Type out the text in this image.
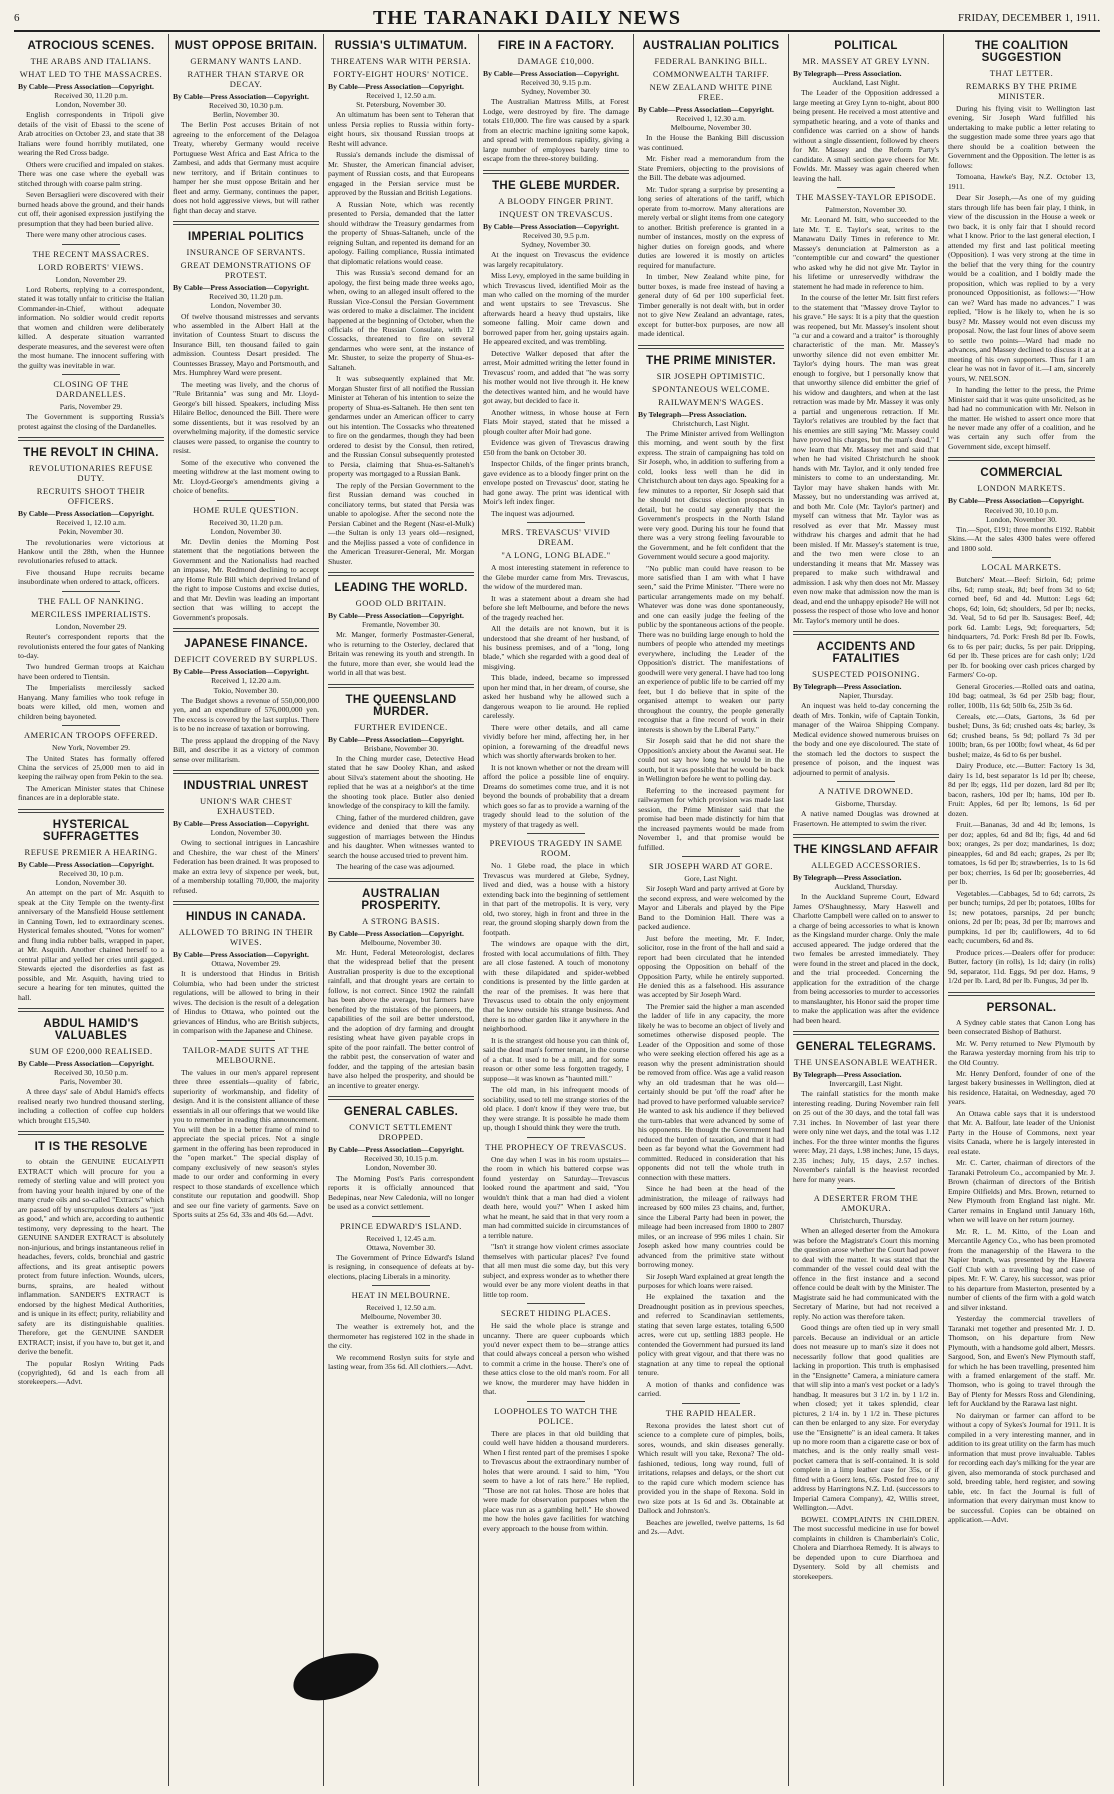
6	THE TARANAKI DAILY NEWS	FRIDAY, DECEMBER 1, 1911.
ATROCIOUS SCENES.
THE ARABS AND ITALIANS.
WHAT LED TO THE MASSACRES.
By Cable—Press Association—Copyright.
Received 30, 11.20 p.m.
London, November 30.

English correspondents in Tripoli give details of the visit of Ebassi to the scene of Arab atrocities on October 23, and state that 38 Italians were found horribly mutilated, one wearing the Red Cross badge.

Others were crucified and impaled on stakes. There was one case where the eyeball was stitched through with coarse palm string.

Seven Bersaglieri were discovered with their burned heads above the ground, and their hands cut off, their agonised expression justifying the presumption that they had been buried alive.

There were many other atrocious cases.

THE RECENT MASSACRES.
LORD ROBERTS' VIEWS.
London, November 29.

Lord Roberts, replying to a correspondent, stated it was totally unfair to criticise the Italian Commander-in-Chief, without adequate information. No soldier would credit reports that women and children were deliberately killed. A desperate situation warranted desperate measures, and the severest were often the most humane. The innocent suffering with the guilty was inevitable in war.

CLOSING OF THE DARDANELLES.
Paris, November 29.

The Government is supporting Russia's protest against the closing of the Dardanelles.

THE REVOLT IN CHINA.
REVOLUTIONARIES REFUSE DUTY.
RECRUITS SHOOT THEIR OFFICERS.
By Cable—Press Association—Copyright.
Received 1, 12.10 a.m.
Pekin, November 30.

The revolutionaries were victorious at Hankow until the 28th, when the Hunnee revolutionaries refused to attack.

Five thousand Hupe recruits became insubordinate when ordered to attack, officers.

THE FALL OF NANKING.
MERCILESS IMPERIALISTS.
London, November 29.

Reuter's correspondent reports that the revolutionists entered the four gates of Nanking to-day.

Two hundred German troops at Kaichau have been ordered to Tientsin.

The Imperialists mercilessly sacked Hanyang. Many families who took refuge in boats were killed, old men, women and children being bayoneted.

AMERICAN TROOPS OFFERED.
New York, November 29.

The United States has formally offered China the services of 25,000 men to aid in keeping the railway open from Pekin to the sea.

The American Minister states that Chinese finances are in a deplorable state.

HYSTERICAL SUFFRAGETTES
REFUSE PREMIER A HEARING.
By Cable—Press Association—Copyright.
Received 30, 10 p.m.
London, November 30.

An attempt on the part of Mr. Asquith to speak at the City Temple on the twenty-first anniversary of the Mansfield House settlement in Canning Town, led to extraordinary scenes. Hysterical females shouted, "Votes for women" and flung india rubber balls, wrapped in paper, at Mr. Asquith. Another chained herself to a central pillar and yelled her cries until gagged. Stewards ejected the disorderlies as fast as possible, and Mr. Asquith, having tried to secure a hearing for ten minutes, quitted the hall.

ABDUL HAMID'S VALUABLES
SUM OF £200,000 REALISED.
By Cable—Press Association—Copyright.
Received 30, 10.50 p.m.
Paris, November 30.

A three days' sale of Abdul Hamid's effects realised nearly two hundred thousand sterling, including a collection of coffee cup holders which brought £15,340.

IT IS THE RESOLVE

to obtain the GENUINE EUCALYPTI EXTRACT which will procure for you a remedy of sterling value and will protect you from having your health injured by one of the many crude oils and so-called "Extracts" which are passed off by unscrupulous dealers as "just as good," and which are, according to authentic testimony, very depressing to the heart. The GENUINE SANDER EXTRACT is absolutely non-injurious, and brings instantaneous relief in headaches, fevers, colds, bronchial and gastric affections, and its great antiseptic powers protect from future infection. Wounds, ulcers, burns, sprains, are healed without inflammation. SANDER'S EXTRACT is endorsed by the highest Medical Authorities, and is unique in its effect; purity, reliability and safety are its distinguishable qualities. Therefore, get the GENUINE SANDER EXTRACT; insist, if you have to, but get it, and derive the benefit.

The popular Roslyn Writing Pads (copyrighted), 6d and 1s each from all storekeepers.—Advt.

MUST OPPOSE BRITAIN.
GERMANY WANTS LAND.
RATHER THAN STARVE OR DECAY.
By Cable—Press Association—Copyright.
Received 30, 10.30 p.m.
Berlin, November 30.

The Berlin Post accuses Britain of not agreeing to the enforcement of the Delagoa Treaty, whereby Germany would receive Portuguese West Africa and East Africa to the Zambesi, and adds that Germany must acquire new territory, and if Britain continues to hamper her she must oppose Britain and her fleet and army. Germany, continues the paper, does not hold aggressive views, but will rather fight than decay and starve.

IMPERIAL POLITICS
INSURANCE OF SERVANTS.
GREAT DEMONSTRATIONS OF PROTEST.
By Cable—Press Association—Copyright.
Received 30, 11.20 p.m.
London, November 30.

Of twelve thousand mistresses and servants who assembled in the Albert Hall at the invitation of Countess Stuart to discuss the Insurance Bill, ten thousand failed to gain admission. Countess Desart presided. The Countesses Brassey, Mayo and Portsmouth, and Mrs. Humphrey Ward were present.

The meeting was lively, and the chorus of "Rule Britannia" was sung and Mr. Lloyd-George's bill hissed. Speakers, including Miss Hilaire Belloc, denounced the Bill. There were some dissentients, but it was resolved by an overwhelming majority, if the domestic service clauses were passed, to organise the country to resist.

Some of the executive who convened the meeting withdrew at the last moment owing to Mr. Lloyd-George's amendments giving a choice of benefits.

HOME RULE QUESTION.
Received 30, 11.20 p.m.
London, November 30.

Mr. Devlin denies the Morning Post statement that the negotiations between the Government and the Nationalists had reached an impasse, Mr. Redmond declining to accept any Home Rule Bill which deprived Ireland of the right to impose Customs and excise duties, and that Mr. Devlin was leading an important section that was willing to accept the Government's proposals.

JAPANESE FINANCE.
DEFICIT COVERED BY SURPLUS.
By Cable—Press Association—Copyright.
Received 1, 12.20 a.m.
Tokio, November 30.

The Budget shows a revenue of 550,000,000 yen, and an expenditure of 576,000,000 yen. The excess is covered by the last surplus. There is to be no increase of taxation or borrowing.

The press applaud the dropping of the Navy Bill, and describe it as a victory of common sense over militarism.

INDUSTRIAL UNREST
UNION'S WAR CHEST EXHAUSTED.
By Cable—Press Association—Copyright.
London, November 30.

Owing to sectional intrigues in Lancashire and Cheshire, the war chest of the Miners' Federation has been drained. It was proposed to make an extra levy of sixpence per week, but, of a membership totalling 70,000, the majority refused.

HINDUS IN CANADA.
ALLOWED TO BRING IN THEIR WIVES.
By Cable—Press Association—Copyright.
Ottawa, November 29.

It is understood that Hindus in British Columbia, who had been under the strictest regulations, will be allowed to bring in their wives. The decision is the result of a delegation of Hindus to Ottawa, who pointed out the grievances of Hindus, who are British subjects, in comparison with the Japanese and Chinese.

TAILOR-MADE SUITS AT THE MELBOURNE.

The values in our men's apparel represent three three essentials—quality of fabric, superiority of workmanship, and fidelity of design. And it is the consistent alliance of these essentials in all our offerings that we would like you to remember in reading this announcement. You will then be in a better frame of mind to appreciate the special prices. Not a single garment in the offering has been reproduced in the "open market." The special display of company exclusively of new season's styles made to our order and conforming in every respect to those standards of excellence which constitute our reputation and goodwill. Shop and see our fine variety of garments. Save on Sports suits at 25s 6d, 33s and 40s 6d.—Advt.

RUSSIA'S ULTIMATUM.
THREATENS WAR WITH PERSIA.
FORTY-EIGHT HOURS' NOTICE.
By Cable—Press Association—Copyright.
Received 1, 12.50 a.m.
St. Petersburg, November 30.

An ultimatum has been sent to Teheran that unless Persia replies to Russia within forty-eight hours, six thousand Russian troops at Resht will advance.

Russia's demands include the dismissal of Mr. Shuster, the American financial adviser, payment of Russian costs, and that Europeans engaged in the Persian service must be approved by the Russian and British Legations.

A Russian Note, which was recently presented to Persia, demanded that the latter should withdraw the Treasury gendarmes from the property of Shuas-Saltaneh, uncle of the reigning Sultan, and repented its demand for an apology. Failing compliance, Russia intimated that diplomatic relations would cease.

This was Russia's second demand for an apology, the first being made three weeks ago, when, owing to an alleged insult offered to the Russian Vice-Consul the Persian Government was ordered to make a disclaimer. The incident happened at the beginning of October, when the officials of the Russian Consulate, with 12 Cossacks, threatened to fire on several gendarmes who were sent, at the instance of Mr. Shuster, to seize the property of Shua-es-Saltaneh.

It was subsequently explained that Mr. Morgan Shuster first of all notified the Russian Minister at Teheran of his intention to seize the property of Shua-es-Saltaneh. He then sent ten gendarmes under an American officer to carry out his intention. The Cossacks who threatened to fire on the gendarmes, though they had been ordered to desist by the Consul, then retired, and the Russian Consul subsequently protested to Persia, claiming that Shua-es-Saltaneh's property was mortgaged to a Russian Bank.

The reply of the Persian Government to the first Russian demand was couched in conciliatory terms, but stated that Persia was unable to apologise. After the second note the Persian Cabinet and the Regent (Nasr-el-Mulk)—the Sultan is only 13 years old—resigned, and the Mejliss passed a vote of confidence in the American Treasurer-General, Mr. Morgan Shuster.

LEADING THE WORLD.
GOOD OLD BRITAIN.
By Cable—Press Association—Copyright.
Fremantle, November 30.

Mr. Manger, formerly Postmaster-General, who is returning to the Osterley, declared that Britain was renewing its youth and strength. In the future, more than ever, she would lead the world in all that was best.

THE QUEENSLAND MURDER.
FURTHER EVIDENCE.
By Cable—Press Association—Copyright.
Brisbane, November 30.

In the Ching murder case, Detective Head stated that he saw Dooley Khan, and asked about Silva's statement about the shooting. He replied that he was at a neighbor's at the time the shooting took place. Butler also denied knowledge of the conspiracy to kill the family.

Ching, father of the murdered children, gave evidence and denied that there was any suggestion of marriages between the Hindus and his daughter. When witnesses wanted to search the house accused tried to prevent him.

The hearing of the case was adjourned.

AUSTRALIAN PROSPERITY.
A STRONG BASIS.
By Cable—Press Association—Copyright.
Melbourne, November 30.

Mr. Hunt, Federal Meteorologist, declares that the widespread belief that the present Australian prosperity is due to the exceptional rainfall, and that drought years are certain to follow, is not correct. Since 1902 the rainfall has been above the average, but farmers have benefited by the mistakes of the pioneers, the capabilities of the soil are better understood, and the adoption of dry farming and drought resisting wheat have given payable crops in spite of the poor rainfall. The better control of the rabbit pest, the conservation of water and fodder, and the tapping of the artesian basin have also helped the prosperity, and should be an incentive to greater energy.

GENERAL CABLES.
CONVICT SETTLEMENT DROPPED.
By Cable—Press Association—Copyright.
Received 30, 10.15 p.m.
London, November 30.

The Morning Post's Paris correspondent reports it is officially announced that Bedepinas, near New Caledonia, will no longer be used as a convict settlement.

PRINCE EDWARD'S ISLAND.
Received 1, 12.45 a.m.
Ottawa, November 30.

The Government of Prince Edward's Island is resigning, in consequence of defeats at by-elections, placing Liberals in a minority.

HEAT IN MELBOURNE.
Received 1, 12.50 a.m.
Melbourne, November 30.

The weather is extremely hot, and the thermometer has registered 102 in the shade in the city.

We recommend Roslyn suits for style and lasting wear, from 35s 6d. All clothiers.—Advt.

FIRE IN A FACTORY.
DAMAGE £10,000.
By Cable—Press Association—Copyright.
Received 30, 9.15 p.m.
Sydney, November 30.

The Australian Mattress Mills, at Forest Lodge, were destroyed by fire. The damage totals £10,000. The fire was caused by a spark from an electric machine igniting some kapok, and spread with tremendous rapidity, giving a large number of employees barely time to escape from the three-storey building.

THE GLEBE MURDER.
A BLOODY FINGER PRINT.
INQUEST ON TREVASCUS.
By Cable—Press Association—Copyright.
Received 30, 9.5 p.m.
Sydney, November 30.

At the inquest on Trevascus the evidence was largely recapitulatory.

Miss Levy, employed in the same building in which Trevascus lived, identified Moir as the man who called on the morning of the murder and went upstairs to see Trevascus. She afterwards heard a heavy thud upstairs, like someone falling. Moir came down and borrowed paper from her, going upstairs again. He appeared excited, and was trembling.

Detective Walker deposed that after the arrest, Moir admitted writing the letter found in Trevascus' room, and added that "he was sorry his mother would not live through it. He knew the detectives wanted him, and he would have got away, but decided to face it.

Another witness, in whose house at Fern Flats Moir stayed, stated that he missed a plough coulter after Moir had gone.

Evidence was given of Trevascus drawing £50 from the bank on October 30.

Inspector Childs, of the finger prints branch, gave evidence as to a bloody finger print on the envelope posted on Trevascus' door, stating he had gone away. The print was identical with Moir's left index finger.

The inquest was adjourned.

MRS. TREVASCUS' VIVID DREAM.
"A LONG, LONG BLADE."

A most interesting statement in reference to the Glebe murder came from Mrs. Trevascus, the widow of the murdered man.

It was a statement about a dream she had before she left Melbourne, and before the news of the tragedy reached her.

All the details are not known, but it is understood that she dreamt of her husband, of his business premises, and of a "long, long blade," which she regarded with a good deal of misgiving.

This blade, indeed, became so impressed upon her mind that, in her dream, of course, she asked her husband why he allowed such a dangerous weapon to lie around. He replied carelessly.

There were other details, and all came vividly before her mind, affecting her, in her opinion, a forewarning of the dreadful news which was shortly afterwards broken to her.

It is not known whether or not the dream will afford the police a possible line of enquiry. Dreams do sometimes come true, and it is not beyond the bounds of probability that a dream which goes so far as to provide a warning of the tragedy should lead to the solution of the mystery of that tragedy as well.

PREVIOUS TRAGEDY IN SAME ROOM.

No. 1 Glebe road, the place in which Trevascus was murdered at Glebe, Sydney, lived and died, was a house with a history extending back into the beginning of settlement in that part of the metropolis. It is very, very old, two storey, high in front and three in the rear, the ground sloping sharply down from the footpath.

The windows are opaque with the dirt, frosted with local accumulations of filth. They are all close fastened. A touch of monotony with these dilapidated and spider-webbed conditions is presented by the little garden at the rear of the premises. It was here that Trevascus used to obtain the only enjoyment that he knew outside his strange business. And there is no other garden like it anywhere in the neighborhood.

It is the strangest old house you can think of, said the dead man's former tenant, in the course of a chat. It used to be a mill, and for some reason or other some less forgotten tragedy, I suppose—it was known as "haunted mill."

The old man, in his infrequent moods of sociability, used to tell me strange stories of the old place. I don't know if they were true, but they were strange. It is possible he made them up, though I should think they were the truth.

THE PROPHECY OF TREVASCUS.

One day when I was in his room upstairs—the room in which his battered corpse was found yesterday on Saturday—Trevascus looked round the apartment and said, "You wouldn't think that a man had died a violent death here, would you?" When I asked him what he meant, he said that in that very room a man had committed suicide in circumstances of a terrible nature.

"Isn't it strange how violent crimes associate themselves with particular places? I've found that all men must die some day, but this very subject, and express wonder as to whether there would ever be any more violent deaths in that little top room.

SECRET HIDING PLACES.

He said the whole place is strange and uncanny. There are queer cupboards which you'd never expect them to be—strange attics that could always conceal a person who wished to commit a crime in the house. There's one of these attics close to the old man's room. For all we know, the murderer may have hidden in that.

LOOPHOLES TO WATCH THE POLICE.

There are places in that old building that could well have hidden a thousand murderers. When I first rented part of the premises I spoke to Trevascus about the extraordinary number of holes that were around. I said to him, "You seem to have a lot of rats here." He replied, "Those are not rat holes. Those are holes that were made for observation purposes when the place was run as a gambling hell." He showed me how the holes gave facilities for watching every approach to the house from within.

AUSTRALIAN POLITICS
FEDERAL BANKING BILL.
COMMONWEALTH TARIFF.
NEW ZEALAND WHITE PINE FREE.
By Cable—Press Association—Copyright.
Received 1, 12.30 a.m.
Melbourne, November 30.

In the House the Banking Bill discussion was continued.

Mr. Fisher read a memorandum from the State Premiers, objecting to the provisions of the Bill. The debate was adjourned.

Mr. Tudor sprang a surprise by presenting a long series of alterations of the tariff, which operate from to-morrow. Many alterations are merely verbal or slight items from one category to another. British preference is granted in a number of instances, mostly on the express of higher duties on foreign goods, and where duties are lowered it is mostly on articles required for manufacture.

In timber, New Zealand white pine, for butter boxes, is made free instead of having a general duty of 6d per 100 superficial feet. Timber generally is not dealt with, but in order not to give New Zealand an advantage, rates, except for butter-box purposes, are now all made identical.

THE PRIME MINISTER.
SIR JOSEPH OPTIMISTIC.
SPONTANEOUS WELCOME.
RAILWAYMEN'S WAGES.
By Telegraph—Press Association.
Christchurch, Last Night.

The Prime Minister arrived from Wellington this morning, and went south by the first express. The strain of campaigning has told on Sir Joseph, who, in addition to suffering from a cold, looks less well than he did in Christchurch about ten days ago. Speaking for a few minutes to a reporter, Sir Joseph said that he should not discuss election prospects in detail, but he could say generally that the Government's prospects in the North Island were very good. During his tour he found that there was a very strong feeling favourable to the Government, and he felt confident that the Government would secure a good majority.

"No public man could have reason to be more satisfied than I am with what I have seen," said the Prime Minister. "There were no particular arrangements made on my behalf. Whatever was done was done spontaneously, and one can easily judge the feeling of the public by the spontaneous actions of the people. There was no building large enough to hold the numbers of people who attended my meetings everywhere, including the Leader of the Opposition's district. The manifestations of goodwill were very general. I have had too long an experience of public life to be carried off my feet, but I do believe that in spite of the organised attempt to weaken our party throughout the country, the people generally recognise that a fine record of work in their interests is shown by the Liberal Party."

Sir Joseph said that he did not share the Opposition's anxiety about the Awanui seat. He could not say how long he would be in the south, but it was possible that he would be back in Wellington before he went to polling day.

Referring to the increased payment for railwaymen for which provision was made last session, the Prime Minister said that the promise had been made distinctly for him that the increased payments would be made from November 1, and that promise would be fulfilled.

SIR JOSEPH WARD AT GORE.
Gore, Last Night.

Sir Joseph Ward and party arrived at Gore by the second express, and were welcomed by the Mayor and Liberals and played by the Pipe Band to the Dominion Hall. There was a packed audience.

Just before the meeting, Mr. F. Inder, solicitor, rose in the front of the hall and said a report had been circulated that he intended opposing the Opposition on behalf of the Opposition Party, while he entirely supported. He denied this as a falsehood. His assurance was accepted by Sir Joseph Ward.

The Premier said the higher a man ascended the ladder of life in any capacity, the more likely he was to become an object of lively and sometimes otherwise disposed people. The Leader of the Opposition and some of those who were seeking election offered his age as a reason why the present administration should be removed from office. Was age a valid reason why an old tradesman that he was old—certainly should be put 'off the road' after he had proved to have performed valuable service? He wanted to ask his audience if they believed the turn-tables that were advanced by some of his opponents. He thought the Government had reduced the burden of taxation, and that it had been as far beyond what the Government had committed. Reduced in consideration that his opponents did not tell the whole truth in connection with these matters.

Since he had been at the head of the administration, the mileage of railways had increased by 600 miles 23 chains, and, further, since the Liberal Party had been in power, the mileage had been increased from 1800 to 2807 miles, or an increase of 996 miles 1 chain. Sir Joseph asked how many countries could be advanced from the primitive state without borrowing money.

Sir Joseph Ward explained at great length the purposes for which loans were raised.

He explained the taxation and the Dreadnought position as in previous speeches, and referred to Scandinavian settlements, stating that seven large estates, totaling 6,500 acres, were cut up, settling 1883 people. He contended the Government had pursued its land policy with great vigour, and that there was no stagnation at any time to repeal the optional tenure.

A motion of thanks and confidence was carried.

THE RAPID HEALER.

Rexona provides the latest short cut of science to a complete cure of pimples, boils, sores, wounds, and skin diseases generally. Which result will you take, Rexona? The old-fashioned, tedious, long way round, full of irritations, relapses and delays, or the short cut to the rapid cure which modern science has provided you in the shape of Rexona. Sold in two size pots at 1s 6d and 3s. Obtainable at Dallock and Johnston's.

Beaches are jewelled, twelve patterns, 1s 6d and 2s.—Advt.

POLITICAL
MR. MASSEY AT GREY LYNN.
By Telegraph—Press Association.
Auckland, Last Night.

The Leader of the Opposition addressed a large meeting at Grey Lynn to-night, about 800 being present. He received a most attentive and sympathetic hearing, and a vote of thanks and confidence was carried on a show of hands without a single dissentient, followed by cheers for Mr. Massey and the Reform Party's candidate. A small section gave cheers for Mr. Fowlds. Mr. Massey was again cheered when leaving the hall.

THE MASSEY-TAYLOR EPISODE.
Palmerston, November 30.

Mr. Leonard M. Isitt, who succeeded to the late Mr. T. E. Taylor's seat, writes to the Manawatu Daily Times in reference to Mr. Massey's denunciation at Palmerston as a "contemptible cur and coward" the questioner who asked why he did not give Mr. Taylor in his lifetime or unreservedly withdraw the statement he had made in reference to him.

In the course of the letter Mr. Isitt first refers to the statement that "Massey drove Taylor to his grave." He says: It is a pity that the question was reopened, but Mr. Massey's insolent shout "a cur and a coward and a traitor" is thoroughly characteristic of the man. Mr. Massey's unworthy silence did not even embitter Mr. Taylor's dying hours. The man was great enough to forgive, but I personally know that that unworthy silence did embitter the grief of his widow and daughters, and when at the last retraction was made by Mr. Massey it was only a partial and ungenerous retraction. If Mr. Taylor's relatives are troubled by the fact that his enemies are still saying "Mr. Massey could have proved his charges, but the man's dead," I now learn that Mr. Massey met and said that when he had visited Christchurch he shook hands with Mr. Taylor, and it only tended free ministers to come to an understanding. Mr. Taylor may have shaken hands with Mr. Massey, but no understanding was arrived at, and both Mr. Cole (Mr. Taylor's partner) and myself can witness that Mr. Taylor was as resolved as ever that Mr. Massey must withdraw his charges and admit that he had been misled. If Mr. Massey's statement is true, and the two men were close to an understanding it means that Mr. Massey was prepared to make such withdrawal and admission. I ask why then does not Mr. Massey even now make that admission now the man is dead, and end the unhappy episode? He will not possess the respect of those who love and honor Mr. Taylor's memory until he does.

ACCIDENTS AND FATALITIES
SUSPECTED POISONING.
By Telegraph—Press Association.
Napier, Thursday.

An inquest was held to-day concerning the death of Mrs. Tonkin, wife of Captain Tonkin, manager of the Wairoa Shipping Company. Medical evidence showed numerous bruises on the body and one eye discoloured. The state of the stomach led the doctors to suspect the presence of poison, and the inquest was adjourned to permit of analysis.

A NATIVE DROWNED.
Gisborne, Thursday.

A native named Douglas was drowned at Frasertown. He attempted to swim the river.

THE KINGSLAND AFFAIR
ALLEGED ACCESSORIES.
By Telegraph—Press Association.
Auckland, Thursday.

In the Auckland Supreme Court, Edward James O'Shaughnessy, Mary Haswell and Charlotte Campbell were called on to answer to a charge of being accessories to what is known as the Kingsland murder charge. Only the male accused appeared. The judge ordered that the two females be arrested immediately. They were found in the street and placed in the dock, and the trial proceeded. Concerning the application for the extradition of the charge from being accessories to murder to accessories to manslaughter, his Honor said the proper time to make the application was after the evidence had been heard.

GENERAL TELEGRAMS.
THE UNSEASONABLE WEATHER.
By Telegraph—Press Association.
Invercargill, Last Night.

The rainfall statistics for the month make interesting reading. During November rain fell on 25 out of the 30 days, and the total fall was 7.31 inches. In November of last year there were only nine wet days, and the total was 1.12 inches. For the three winter months the figures were: May, 21 days, 1.98 inches; June, 15 days, 2.35 inches; July, 15 days, 2.57 inches. November's rainfall is the heaviest recorded here for many years.

A DESERTER FROM THE AMOKURA.
Christchurch, Thursday.

When an alleged deserter from the Amokura was before the Magistrate's Court this morning the question arose whether the Court had power to deal with the matter. It was stated that the commander of the vessel could deal with the offence in the first instance and a second offence could be dealt with by the Minister. The Magistrate said he had communicated with the Secretary of Marine, but had not received a reply. No action was therefore taken.

Good things are often tied up in very small parcels. Because an individual or an article does not measure up to man's size it does not necessarily follow that good qualities are lacking in proportion. This truth is emphasised in the "Ensignette" Camera, a miniature camera that will slip into a man's vest pocket or a lady's handbag. It measures but 3 1/2 in. by 1 1/2 in. when closed; yet it takes splendid, clear pictures, 2 1/4 in. by 1 1/2 in. These pictures can then be enlarged to any size. For everyday use the "Ensignette" is an ideal camera. It takes up no more room than a cigarette case or box of matches, and is the only really small vest-pocket camera that is self-contained. It is sold complete in a limp leather case for 35s, or if fitted with a Goerz lens, 65s. Posted free to any address by Harringtons N.Z. Ltd. (successors to Imperial Camera Company), 42, Willis street, Wellington.—Advt.

BOWEL COMPLAINTS IN CHILDREN. The most successful medicine in use for bowel complaints in children is Chamberlain's Colic, Cholera and Diarrhoea Remedy. It is always to be depended upon to cure Diarrhoea and Dysentery. Sold by all chemists and storekeepers.

THE COALITION SUGGESTION
THAT LETTER.
REMARKS BY THE PRIME MINISTER.

During his flying visit to Wellington last evening, Sir Joseph Ward fulfilled his undertaking to make public a letter relating to the suggestion made some three years ago that there should be a coalition between the Government and the Opposition. The letter is as follows:

Tomoana, Hawke's Bay, N.Z. October 13, 1911.

Dear Sir Joseph,—As one of my guiding stars through life has been fair play, I think, in view of the discussion in the House a week or two back, it is only fair that I should record what I know. Prior to the last general election, I attended my first and last political meeting (Opposition). I was very strong at the time in the belief that the very thing for the country would be a coalition, and I boldly made the proposition, which was replied to by a very pronounced Oppositionist, as follows:—"How can we? Ward has made no advances." I was replied, "How is he likely to, when he is so busy? Mr. Massey would not even discuss my proposal. Now, the last four lines of above seem to settle two points—Ward had made no advances, and Massey declined to discuss it at a meeting of his own supporters. Thus far I am clear he was not in favor of it.—I am, sincerely yours, W. NELSON.

In handing the letter to the press, the Prime Minister said that it was quite unsolicited, as he had had no communication with Mr. Nelson in the matter. He wished to assert once more that he never made any offer of a coalition, and he was certain any such offer from the Government side, except himself.

COMMERCIAL
LONDON MARKETS.
By Cable—Press Association—Copyright.
Received 30, 10.10 p.m.
London, November 30.

Tin.—Spot, £191; three months £192. Rabbit Skins.—At the sales 4300 bales were offered and 1800 sold.

LOCAL MARKETS.

Butchers' Meat.—Beef: Sirloin, 6d; prime ribs, 6d; rump steak, 8d; beef from 3d to 6d; corned beef, 6d and 4d. Mutton: Legs 6d; chops, 6d; loin, 6d; shoulders, 5d per lb; necks, 3d. Veal, 5d to 6d per lb. Sausages: Beef, 4d; pork 6d. Lamb: Legs, 9d; forequarters, 5d; hindquarters, 7d. Pork: Fresh 8d per lb. Fowls, 6s to 6s per pair; ducks, 5s per pair. Dripping, 6d per lb. These prices are for cash only; 1/2d per lb. for booking over cash prices charged by Farmers' Co-op.

General Groceries.—Rolled oats and oatina, 10d bag; oatmeal, 3s 6d per 25lb bag; flour, roller, 100lb, 11s 6d; 50lb 6s, 25lb 3s 6d.

Cereals, etc.—Oats, Gartons, 3s 6d per bushel; Duns, 3s 6d; crushed oats 4s; barley, 3s 6d; crushed beans, 5s 9d; pollard 7s 3d per 100lb; bran, 6s per 100lb; fowl wheat, 4s 6d per bushel; maize, 4s 6d to 6s per bushel.

Dairy Produce, etc.—Butter: Factory 1s 3d, dairy 1s 1d, best separator 1s 1d per lb; cheese, 8d per lb; eggs, 11d per dozen, lard 8d per lb; bacon, rashers, 10d per lb; hams, 10d per lb. Fruit: Apples, 6d per lb; lemons, 1s 6d per dozen.

Fruit.—Bananas, 3d and 4d lb; lemons, 1s per doz; apples, 6d and 8d lb; figs, 4d and 6d box; oranges, 2s per doz; mandarines, 1s doz; pineapples, 6d and 8d each; grapes, 2s per lb; tomatoes, 1s 6d per lb; strawberries, 1s to 1s 6d per box; cherries, 1s 6d per lb; gooseberries, 4d per lb.

Vegetables.—Cabbages, 5d to 6d; carrots, 2s per bunch; turnips, 2d per lb; potatoes, 10lbs for 1s; new potatoes, parsnips, 2d per bunch; onions, 2d per lb; peas, 3d per lb; marrows and pumpkins, 1d per lb; cauliflowers, 4d to 6d each; cucumbers, 6d and 8s.

Produce prices.—Dealers offer for produce: Butter, factory (in rolls), 1s 1d; dairy (in rolls) 9d, separator, 11d. Eggs, 9d per doz. Hams, 9 1/2d per lb. Lard, 8d per lb. Fungus, 3d per lb.

PERSONAL.

A Sydney cable states that Canon Long has been consecrated Bishop of Bathurst.

Mr. W. Perry returned to New Plymouth by the Rarawa yesterday morning from his trip to the Old Country.

Mr. Henry Denford, founder of one of the largest bakery businesses in Wellington, died at his residence, Hataitai, on Wednesday, aged 70 years.

An Ottawa cable says that it is understood that Mr. A. Balfour, late leader of the Unionist Party in the House of Commons, next year visits Canada, where he is largely interested in real estate.

Mr. C. Carter, chairman of directors of the Taranaki Petroleum Co., accompanied by Mr. J. Brown (chairman of directors of the British Empire Oilfields) and Mrs. Brown, returned to New Plymouth from England last night. Mr. Carter remains in England until January 16th, when we will leave on her return journey.

Mr. R. L. M. Kitto, of the Loan and Mercantile Agency Co., who has been promoted from the managership of the Hawera to the Napier branch, was presented by the Hawera Golf Club with a travelling bag and case of pipes. Mr. F. W. Carey, his successor, was prior to his departure from Masterton, presented by a number of clients of the firm with a gold watch and silver inkstand.

Yesterday the commercial travellers of Taranaki met together and presented Mr. J. D. Thomson, on his departure from New Plymouth, with a handsome gold albert, Messrs. Sargood, Son, and Ewen's New Plymouth staff, for which he has been travelling, presented him with a framed enlargement of the staff. Mr. Thomson, who is going to travel through the Bay of Plenty for Messrs Ross and Glendining, left for Auckland by the Rarawa last night.

No dairyman or farmer can afford to be without a copy of Sykes's Journal for 1911. It is compiled in a very interesting manner, and in addition to its great utility on the farm has much information that must prove invaluable. Tables for recording each day's milking for the year are given, also memoranda of stock purchased and sold, breeding table, herd register, and sowing table, etc. In fact the Journal is full of information that every dairyman must know to be successful. Copies can be obtained on application.—Advt.
